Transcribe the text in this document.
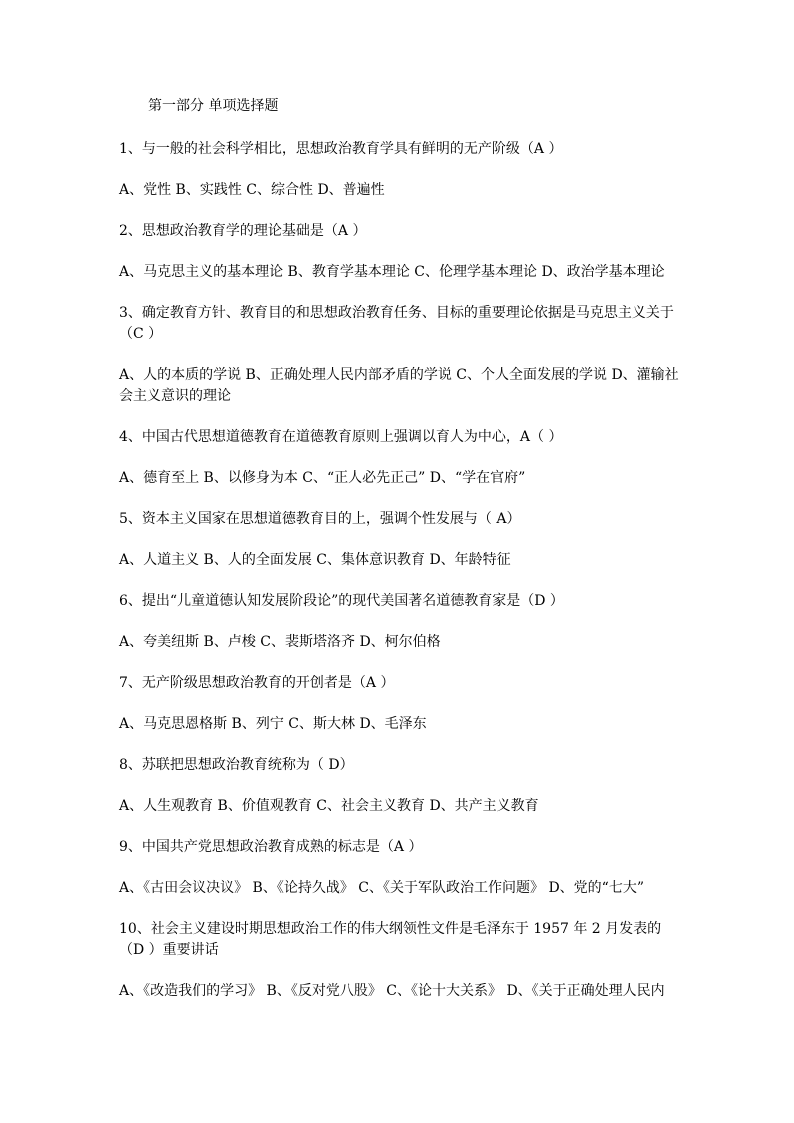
第一部分 单项选择题
1、与一般的社会科学相比，思想政治教育学具有鲜明的无产阶级（A ）
A、党性 B、实践性 C、综合性 D、普遍性
2、思想政治教育学的理论基础是（A ）
A、马克思主义的基本理论 B、教育学基本理论 C、伦理学基本理论 D、政治学基本理论
3、确定教育方针、教育目的和思想政治教育任务、目标的重要理论依据是马克思主义关于（C ）
A、人的本质的学说 B、正确处理人民内部矛盾的学说 C、个人全面发展的学说 D、灌输社会主义意识的理论
4、中国古代思想道德教育在道德教育原则上强调以育人为中心，A（ ）
A、德育至上 B、以修身为本 C、“正人必先正己” D、“学在官府”
5、资本主义国家在思想道德教育目的上，强调个性发展与（ A）
A、人道主义 B、人的全面发展 C、集体意识教育 D、年龄特征
6、提出“儿童道德认知发展阶段论”的现代美国著名道德教育家是（D ）
A、夸美纽斯 B、卢梭 C、裴斯塔洛齐 D、柯尔伯格
7、无产阶级思想政治教育的开创者是（A ）
A、马克思恩格斯 B、列宁 C、斯大林 D、毛泽东
8、苏联把思想政治教育统称为（ D）
A、人生观教育 B、价值观教育 C、社会主义教育 D、共产主义教育
9、中国共产党思想政治教育成熟的标志是（A ）
A、《古田会议决议》 B、《论持久战》 C、《关于军队政治工作问题》 D、党的“七大”
10、社会主义建设时期思想政治工作的伟大纲领性文件是毛泽东于 1957 年 2 月发表的（D ）重要讲话
A、《改造我们的学习》 B、《反对党八股》 C、《论十大关系》 D、《关于正确处理人民内
